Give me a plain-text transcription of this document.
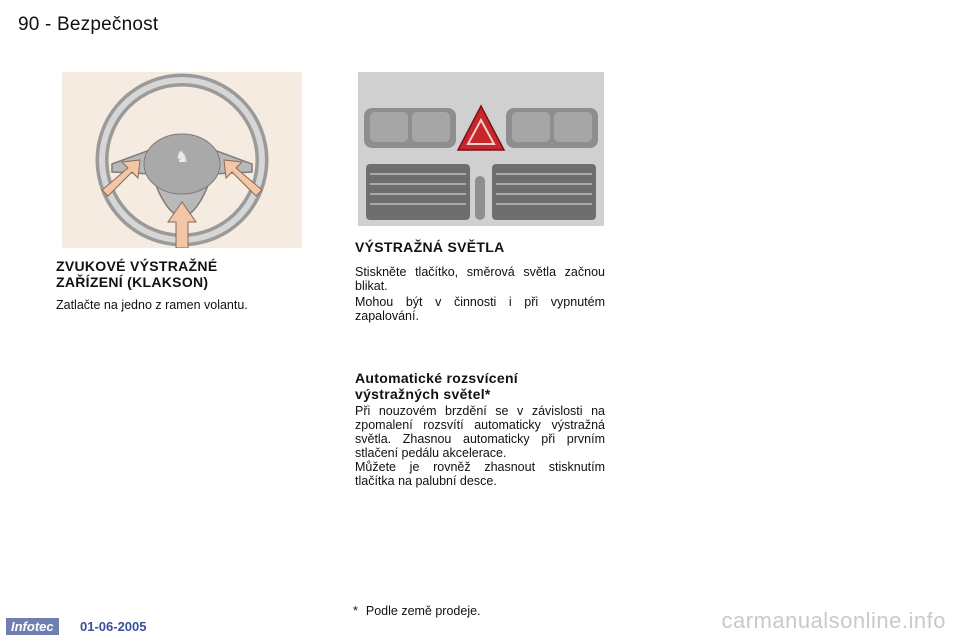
90 - Bezpečnost
♞
ZVUKOVÉ VÝSTRAŽNÉ
ZAŘÍZENÍ (KLAKSON)

Zatlačte na jedno z ramen volantu.

VÝSTRAŽNÁ SVĚTLA

Stiskněte tlačítko, směrová světla začnou blikat.

Mohou být v činnosti i při vypnutém zapalování.

Automatické rozsvícení
výstražných světel*

Při nouzovém brzdění se v závislosti na zpomalení rozsvítí automaticky výstražná světla. Zhasnou automaticky při prvním stlačení pedálu akcelerace.

Můžete je rovněž zhasnout stisknutím tlačítka na palubní desce.

* Podle země prodeje.
Infotec	01-06-2005	carmanualsonline.info
